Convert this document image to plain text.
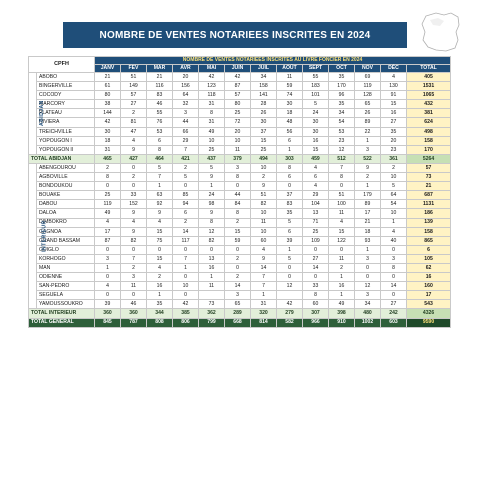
NOMBRE DE VENTES NOTARIEES INSCRITES EN 2024
CPFH		NOMBRE DE VENTES NOTARIEES INSCRITES AU LIVRE FONCIER EN 2024												
		JANV	FEV	MAR	AVR	MAI	JUIN	JUIL	AOÛT	SEPT	OCT	NOV	DÉC	TOTAL
ABIDJAN	ABOBO	21	51	21	20	42	42	34	11	55	35	69	4	405
	BINGERVILLE	61	149	116	156	123	87	158	59	183	170	119	130	1531
	COCODY	80	57	83	64	118	57	141	74	101	96	128	91	1065
	MARCORY	38	27	46	32	31	80	28	30	5	35	65	15	432
	PLATEAU	144	2	55	3	8	25	26	18	24	34	26	16	381
	RIVIERA	42	81	76	44	31	72	30	48	30	54	89	27	624
	TREICHVILLE	30	47	53	66	49	20	37	56	30	53	22	35	498
	YOPOUGON I	18	4	6	29	10	10	15	6	16	23	1	20	158
	YOPOUGON II	31	9	8	7	25	11	25	1	15	12	3	23	170
TOTAL ABIDJAN		465	427	464	421	437	379	494	303	459	512	522	361	5264
INTERIEUR	ABENGOUROU	2	0	5	2	5	3	10	8	4	7	9	2	57
	AGBOVILLE	8	2	7	5	9	8	2	6	6	8	2	10	73
	BONDOUKOU	0	0	1	0	1	0	9	0	4	0	1	5	21
	BOUAKE	25	33	63	85	24	44	51	37	29	51	179	64	687
	DABOU	119	152	92	94	98	84	82	83	104	100	89	54	1131
	DALOA	49	9	9	6	9	8	10	35	13	11	17	10	186
	DIMBOKRO	4	4	4	2	8	2	11	5	71	4	21	1	139
	GAGNOA	17	9	15	14	12	15	10	6	25	15	18	4	158
	GRAND BASSAM	87	82	75	117	82	59	60	39	109	122	93	40	865
	GUIGLO	0	0	0	0	0	0	4	1	0	0	1	0	6
	KORHOGO	3	7	15	7	13	2	9	5	27	11	3	3	105
	MAN	1	2	4	1	16	0	14	0	14	2	0	8	62
	ODIENNE	0	3	2	0	1	2	7	0	0	1	0	0	16
	SAN-PEDRO	4	11	16	10	11	14	7	12	33	16	12	14	160
	SEGUELA	0	0	1	0		3	1		8	1	3	0	17
	YAMOUSSOUKRO	39	46	35	42	73	65	31	42	60	49	34	27	543
TOTAL INTERIEUR		360	360	344	385	362	289	320	279	307	398	480	242	4326
TOTAL GENERAL		845	787	808	806	799	668	814	582	966	910	1002	603	9590
